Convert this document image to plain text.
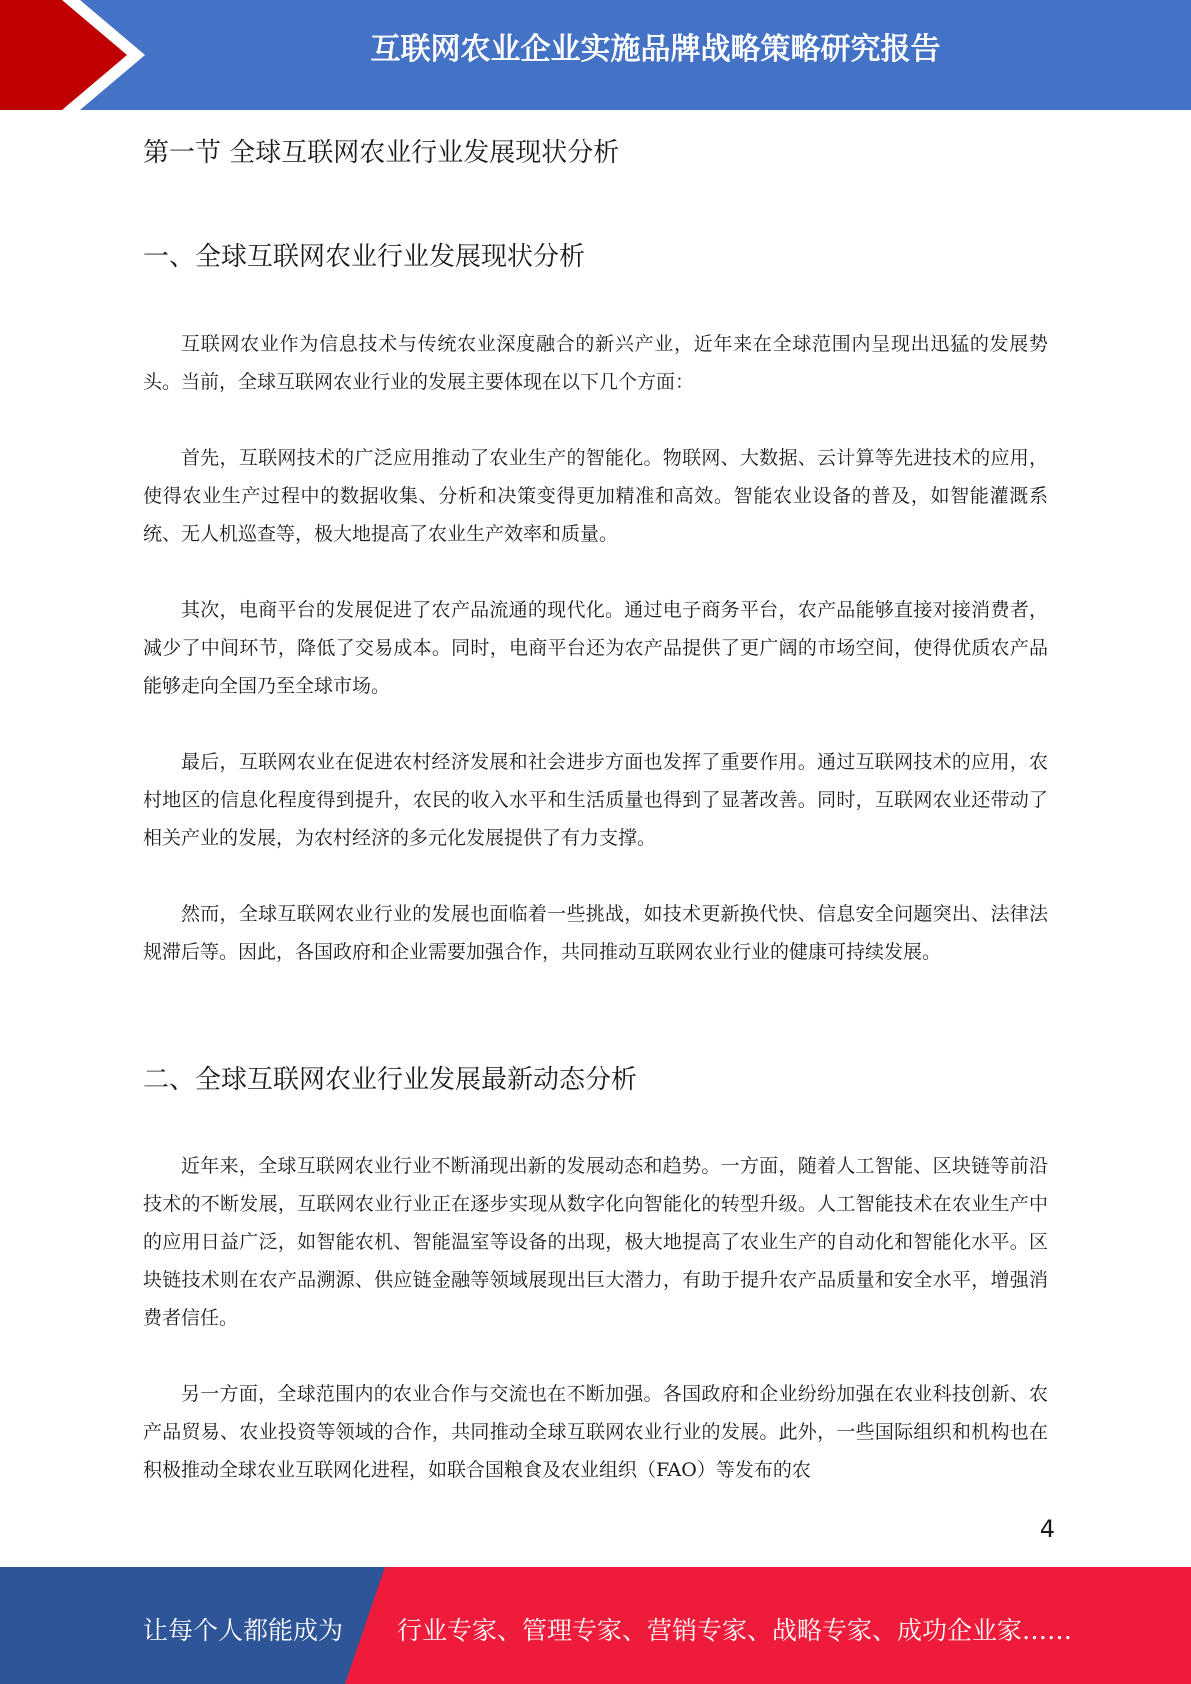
互联网农业企业实施品牌战略策略研究报告
第一节 全球互联网农业行业发展现状分析
一、全球互联网农业行业发展现状分析

互联网农业作为信息技术与传统农业深度融合的新兴产业，近年来在全球范围内呈现出迅猛的发展势头。当前，全球互联网农业行业的发展主要体现在以下几个方面：

首先，互联网技术的广泛应用推动了农业生产的智能化。物联网、大数据、云计算等先进技术的应用，使得农业生产过程中的数据收集、分析和决策变得更加精准和高效。智能农业设备的普及，如智能灌溉系统、无人机巡查等，极大地提高了农业生产效率和质量。

其次，电商平台的发展促进了农产品流通的现代化。通过电子商务平台，农产品能够直接对接消费者，减少了中间环节，降低了交易成本。同时，电商平台还为农产品提供了更广阔的市场空间，使得优质农产品能够走向全国乃至全球市场。

最后，互联网农业在促进农村经济发展和社会进步方面也发挥了重要作用。通过互联网技术的应用，农村地区的信息化程度得到提升，农民的收入水平和生活质量也得到了显著改善。同时，互联网农业还带动了相关产业的发展，为农村经济的多元化发展提供了有力支撑。

然而，全球互联网农业行业的发展也面临着一些挑战，如技术更新换代快、信息安全问题突出、法律法规滞后等。因此，各国政府和企业需要加强合作，共同推动互联网农业行业的健康可持续发展。

二、全球互联网农业行业发展最新动态分析

近年来，全球互联网农业行业不断涌现出新的发展动态和趋势。一方面，随着人工智能、区块链等前沿技术的不断发展，互联网农业行业正在逐步实现从数字化向智能化的转型升级。人工智能技术在农业生产中的应用日益广泛，如智能农机、智能温室等设备的出现，极大地提高了农业生产的自动化和智能化水平。区块链技术则在农产品溯源、供应链金融等领域展现出巨大潜力，有助于提升农产品质量和安全水平，增强消费者信任。

另一方面，全球范围内的农业合作与交流也在不断加强。各国政府和企业纷纷加强在农业科技创新、农产品贸易、农业投资等领域的合作，共同推动全球互联网农业行业的发展。此外，一些国际组织和机构也在积极推动全球农业互联网化进程，如联合国粮食及农业组织（FAO）等发布的农

4
让每个人都能成为 行业专家、管理专家、营销专家、战略专家、成功企业家……
